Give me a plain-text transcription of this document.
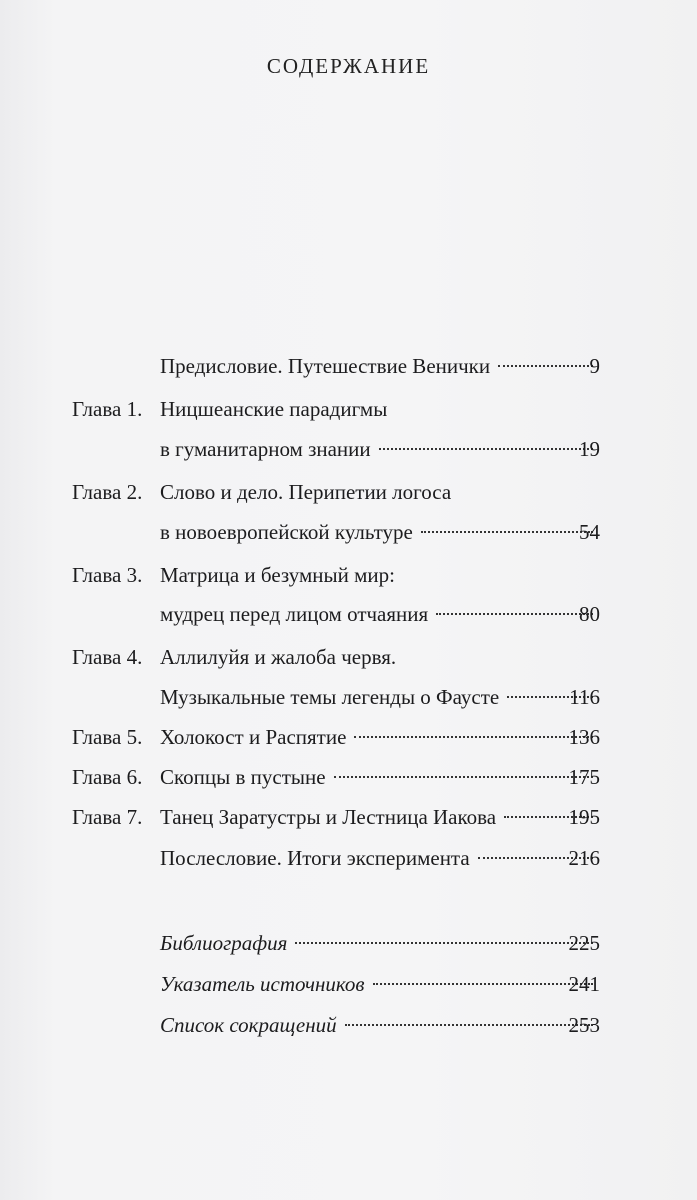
СОДЕРЖАНИЕ
Предисловие. Путешествие Венички	9
Глава 1. Ницшеанские парадигмы
в гуманитарном знании	19
Глава 2. Слово и дело. Перипетии логоса
в новоевропейской культуре	54
Глава 3. Матрица и безумный мир:
мудрец перед лицом отчаяния	80
Глава 4. Аллилуйя и жалоба червя.
Музыкальные темы легенды о Фаусте	116
Глава 5. Холокост и Распятие	136
Глава 6. Скопцы в пустыне	175
Глава 7. Танец Заратустры и Лестница Иакова	195
Послесловие. Итоги эксперимента	216
Библиография	225
Указатель источников	241
Список сокращений	253
